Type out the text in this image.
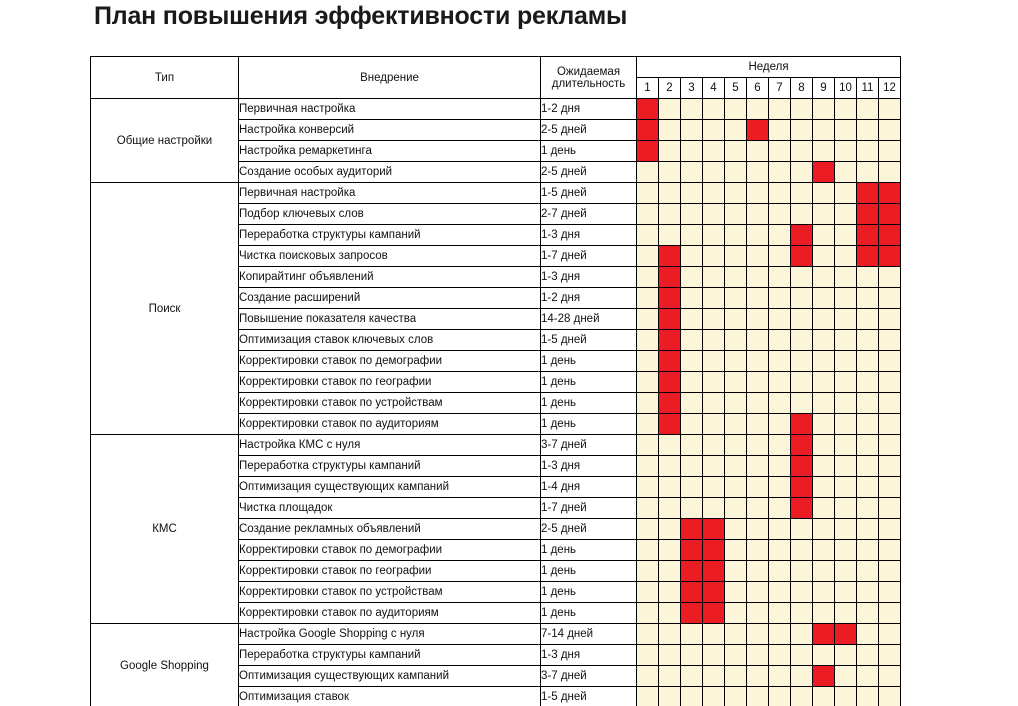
План повышения эффективности рекламы
Тип	Внедрение	Ожидаемая длительность	Неделя											
			1	2	3	4	5	6	7	8	9	10	11	12
Общие настройки	Первичная настройка	1-2 дня												
	Настройка конверсий	2-5 дней												
	Настройка ремаркетинга	1 день												
	Создание особых аудиторий	2-5 дней												
Поиск	Первичная настройка	1-5 дней												
	Подбор ключевых слов	2-7 дней												
	Переработка структуры кампаний	1-3 дня												
	Чистка поисковых запросов	1-7 дней												
	Копирайтинг объявлений	1-3 дня												
	Создание расширений	1-2 дня												
	Повышение показателя качества	14-28 дней												
	Оптимизация ставок ключевых слов	1-5 дней												
	Корректировки ставок по демографии	1 день												
	Корректировки ставок по географии	1 день												
	Корректировки ставок по устройствам	1 день												
	Корректировки ставок по аудиториям	1 день												
КМС	Настройка КМС с нуля	3-7 дней												
	Переработка структуры кампаний	1-3 дня												
	Оптимизация существующих кампаний	1-4 дня												
	Чистка площадок	1-7 дней												
	Создание рекламных объявлений	2-5 дней												
	Корректировки ставок по демографии	1 день												
	Корректировки ставок по географии	1 день												
	Корректировки ставок по устройствам	1 день												
	Корректировки ставок по аудиториям	1 день												
Google Shopping	Настройка Google Shopping с нуля	7-14 дней												
	Переработка структуры кампаний	1-3 дня												
	Оптимизация существующих кампаний	3-7 дней												
	Оптимизация ставок	1-5 дней												
